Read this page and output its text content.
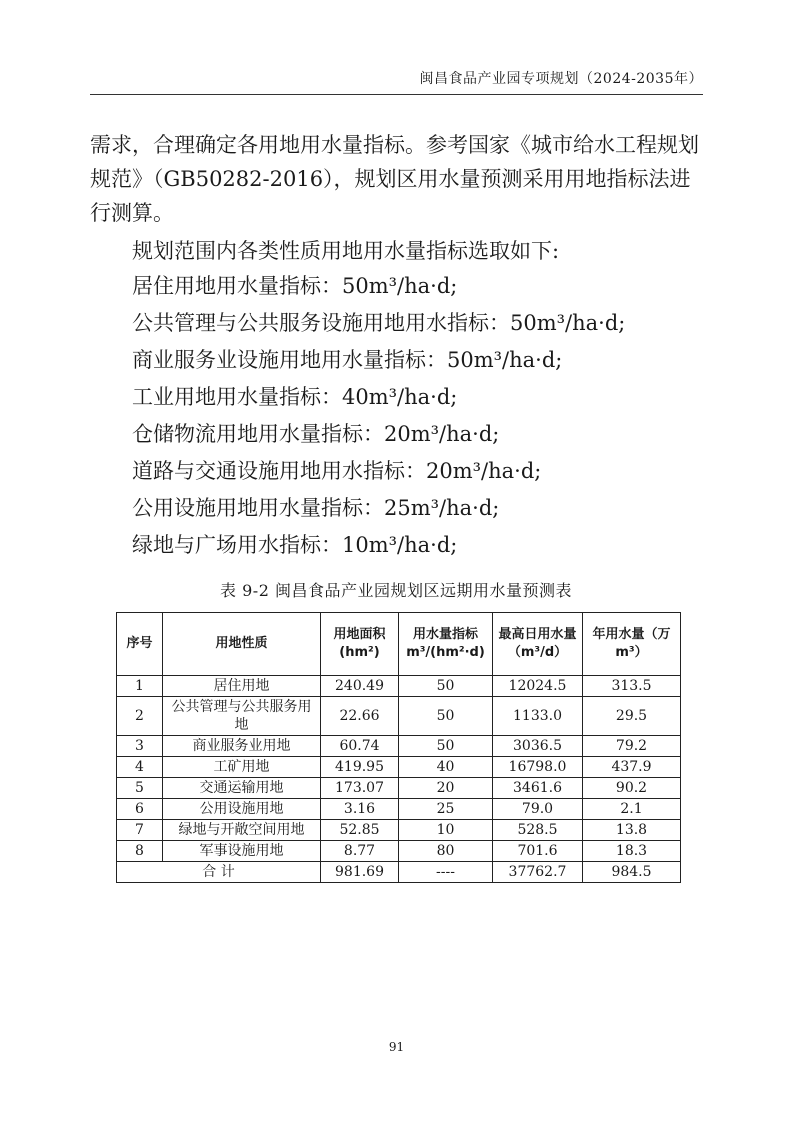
闽昌食品产业园专项规划（2024-2035年）

需求，合理确定各用地用水量指标。参考国家《城市给水工程规划规范》（GB50282-2016），规划区用水量预测采用用地指标法进行测算。

规划范围内各类性质用地用水量指标选取如下:

居住用地用水量指标：50m³/ha·d;
公共管理与公共服务设施用地用水指标：50m³/ha·d;
商业服务业设施用地用水量指标：50m³/ha·d;
工业用地用水量指标：40m³/ha·d;
仓储物流用地用水量指标：20m³/ha·d;
道路与交通设施用地用水指标：20m³/ha·d;
公用设施用地用水量指标：25m³/ha·d;
绿地与广场用水指标：10m³/ha·d;
表 9-2 闽昌食品产业园规划区远期用水量预测表
序号	用地性质	用地面积(hm²)	用水量指标m³/(hm²·d)	最高日用水量（m³/d）	年用水量（万m³）
1	居住用地	240.49	50	12024.5	313.5
2	公共管理与公共服务用地	22.66	50	1133.0	29.5
3	商业服务业用地	60.74	50	3036.5	79.2
4	工矿用地	419.95	40	16798.0	437.9
5	交通运输用地	173.07	20	3461.6	90.2
6	公用设施用地	3.16	25	79.0	2.1
7	绿地与开敞空间用地	52.85	10	528.5	13.8
8	军事设施用地	8.77	80	701.6	18.3
合 计		981.69	----	37762.7	984.5
91
